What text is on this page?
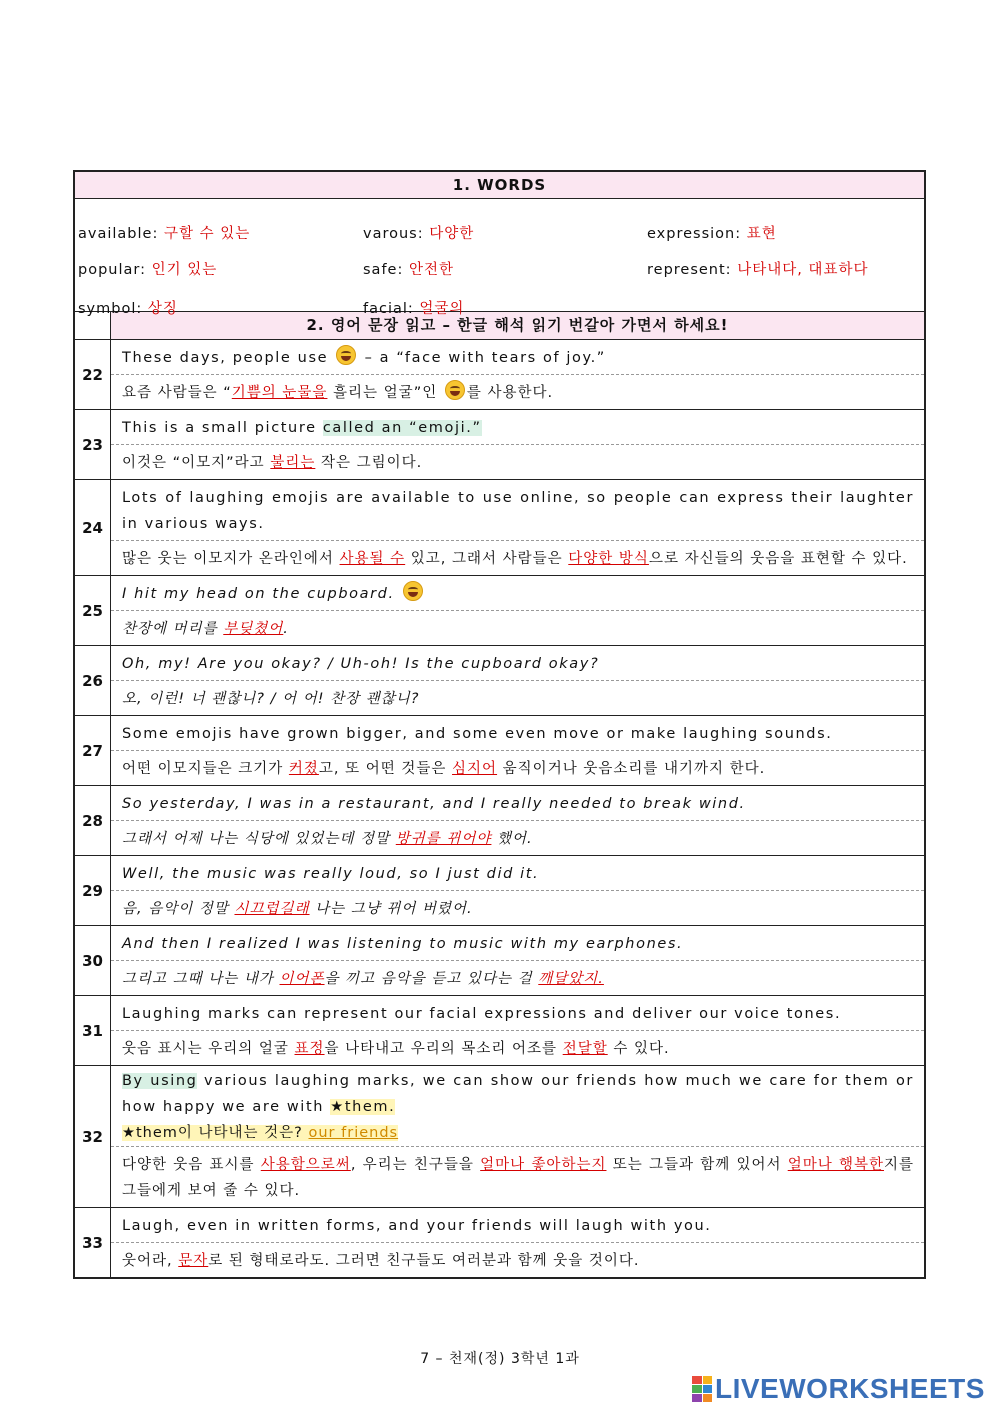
1. WORDS
available: 구할 수 있는	varous: 다양한	expression: 표현
popular: 인기 있는	safe: 안전한	represent: 나타내다, 대표하다
symbol: 상징	facial: 얼굴의
2. 영어 문장 읽고 – 한글 해석 읽기 번갈아 가면서 하세요!
22
These days, people use	– a “face with tears of joy.”
요즘 사람들은 “기쁨의 눈물을 흘리는 얼굴”인 를 사용한다.
23
This is a small picture called an “emoji.”
이것은 “이모지”라고 불리는 작은 그림이다.
24
Lots of laughing emojis are available to use online, so people can express their laughter in various ways.
많은 웃는 이모지가 온라인에서 사용될 수 있고, 그래서 사람들은 다양한 방식으로 자신들의 웃음을 표현할 수 있다.
25
I hit my head on the cupboard.
찬장에 머리를 부딪쳤어.
26
Oh, my! Are you okay? / Uh-oh! Is the cupboard okay?
오, 이런! 너 괜찮니? / 어 어! 찬장 괜찮니?
27
Some emojis have grown bigger, and some even move or make laughing sounds.
어떤 이모지들은 크기가 커졌고, 또 어떤 것들은 심지어 움직이거나 웃음소리를 내기까지 한다.
28
So yesterday, I was in a restaurant, and I really needed to break wind.
그래서 어제 나는 식당에 있었는데 정말 방귀를 뀌어야 했어.
29
Well, the music was really loud, so I just did it.
음, 음악이 정말 시끄럽길래 나는 그냥 뀌어 버렸어.
30
And then I realized I was listening to music with my earphones.
그리고 그때 나는 내가 이어폰을 끼고 음악을 듣고 있다는 걸 깨달았지.
31
Laughing marks can represent our facial expressions and deliver our voice tones.
웃음 표시는 우리의 얼굴 표정을 나타내고 우리의 목소리 어조를 전달할 수 있다.
32
By using various laughing marks, we can show our friends how much we care for them or how happy we are with ★them.
★them이 나타내는 것은? our friends
다양한 웃음 표시를 사용함으로써, 우리는 친구들을 얼마나 좋아하는지 또는 그들과 함께 있어서 얼마나 행복한지를 그들에게 보여 줄 수 있다.
33
Laugh, even in written forms, and your friends will laugh with you.
웃어라, 문자로 된 형태로라도. 그러면 친구들도 여러분과 함께 웃을 것이다.
7 – 천재(정) 3학년 1과
LIVEWORKSHEETS
